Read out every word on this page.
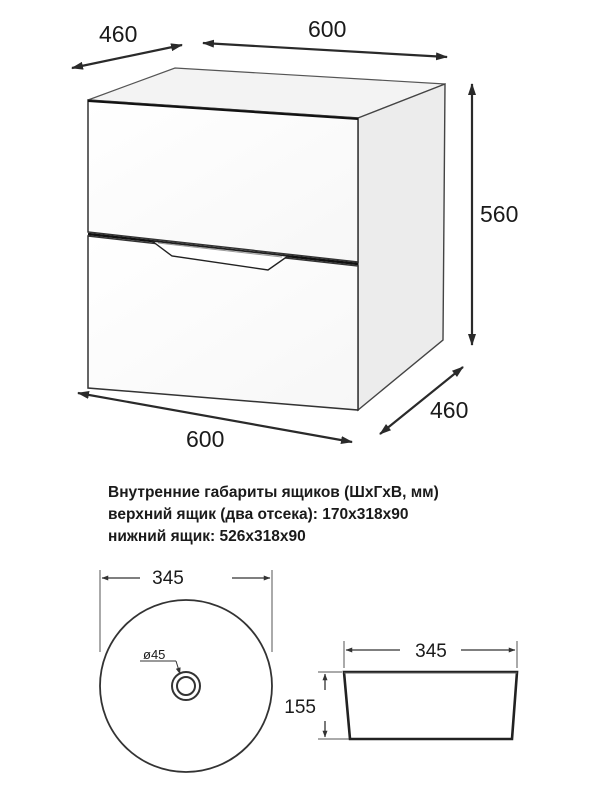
460	600
560
460
600
345
ø45	345
155
Внутренние габариты ящиков (ШхГхВ, мм)
верхний ящик (два отсека): 170х318х90
нижний ящик: 526х318х90
